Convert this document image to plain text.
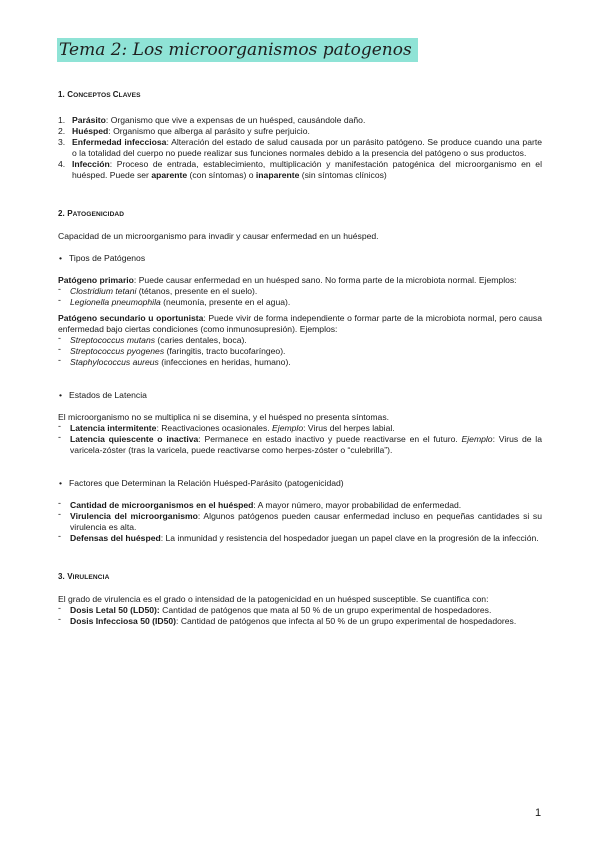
Tema 2: Los microorganismos patogenos
1. CONCEPTOS CLAVES
1. Parásito: Organismo que vive a expensas de un huésped, causándole daño.
2. Huésped: Organismo que alberga al parásito y sufre perjuicio.
3. Enfermedad infecciosa: Alteración del estado de salud causada por un parásito patógeno. Se produce cuando una parte o la totalidad del cuerpo no puede realizar sus funciones normales debido a la presencia del patógeno o sus productos.
4. Infección: Proceso de entrada, establecimiento, multiplicación y manifestación patogénica del microorganismo en el huésped. Puede ser aparente (con síntomas) o inaparente (sin síntomas clínicos)
2. PATOGENICIDAD

Capacidad de un microorganismo para invadir y causar enfermedad en un huésped.

• Tipos de Patógenos

Patógeno primario: Puede causar enfermedad en un huésped sano. No forma parte de la microbiota normal. Ejemplos:

- Clostridium tetani (tétanos, presente en el suelo).
- Legionella pneumophila (neumonía, presente en el agua).

Patógeno secundario u oportunista: Puede vivir de forma independiente o formar parte de la microbiota normal, pero causa enfermedad bajo ciertas condiciones (como inmunosupresión). Ejemplos:

- Streptococcus mutans (caries dentales, boca).
- Streptococcus pyogenes (faringitis, tracto bucofaríngeo).
- Staphylococcus aureus (infecciones en heridas, humano).
• Estados de Latencia

El microorganismo no se multiplica ni se disemina, y el huésped no presenta síntomas.

- Latencia intermitente: Reactivaciones ocasionales. Ejemplo: Virus del herpes labial.
- Latencia quiescente o inactiva: Permanece en estado inactivo y puede reactivarse en el futuro. Ejemplo: Virus de la varicela-zóster (tras la varicela, puede reactivarse como herpes-zóster o “culebrilla”).
• Factores que Determinan la Relación Huésped-Parásito (patogenicidad)
- Cantidad de microorganismos en el huésped: A mayor número, mayor probabilidad de enfermedad.
- Virulencia del microorganismo: Algunos patógenos pueden causar enfermedad incluso en pequeñas cantidades si su virulencia es alta.
- Defensas del huésped: La inmunidad y resistencia del hospedador juegan un papel clave en la progresión de la infección.
3. VIRULENCIA

El grado de virulencia es el grado o intensidad de la patogenicidad en un huésped susceptible. Se cuantifica con:

- Dosis Letal 50 (LD50): Cantidad de patógenos que mata al 50 % de un grupo experimental de hospedadores.
- Dosis Infecciosa 50 (ID50): Cantidad de patógenos que infecta al 50 % de un grupo experimental de hospedadores.
1
